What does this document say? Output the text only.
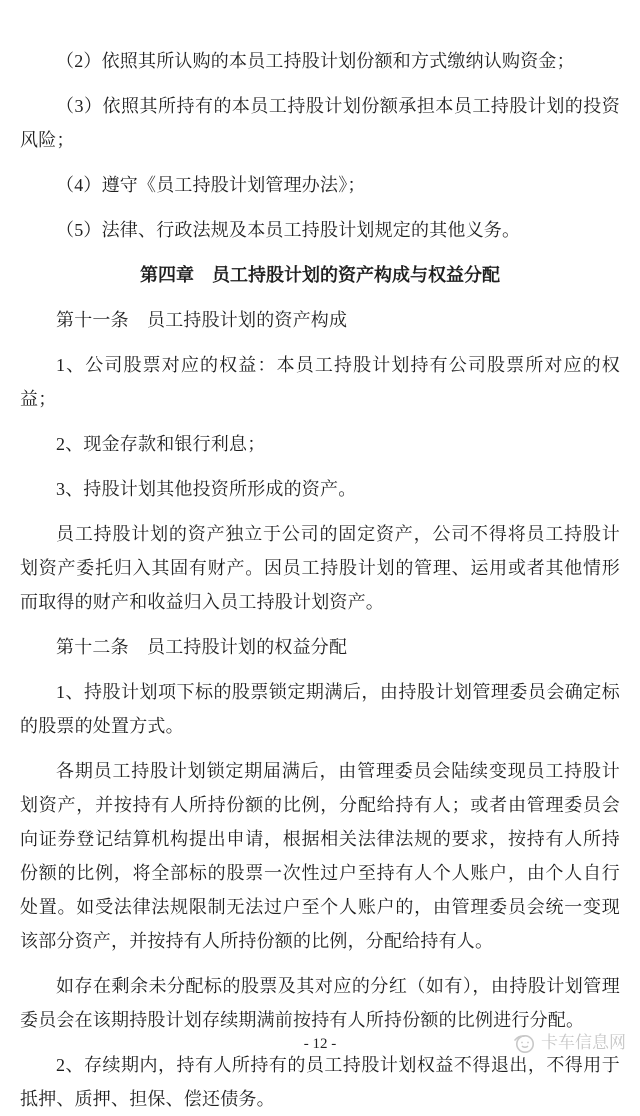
（2）依照其所认购的本员工持股计划份额和方式缴纳认购资金；

（3）依照其所持有的本员工持股计划份额承担本员工持股计划的投资风险；

（4）遵守《员工持股计划管理办法》；

（5）法律、行政法规及本员工持股计划规定的其他义务。

第四章　员工持股计划的资产构成与权益分配

第十一条　员工持股计划的资产构成

1、公司股票对应的权益：本员工持股计划持有公司股票所对应的权益；

2、现金存款和银行利息；

3、持股计划其他投资所形成的资产。

员工持股计划的资产独立于公司的固定资产，公司不得将员工持股计划资产委托归入其固有财产。因员工持股计划的管理、运用或者其他情形而取得的财产和收益归入员工持股计划资产。

第十二条　员工持股计划的权益分配

1、持股计划项下标的股票锁定期满后，由持股计划管理委员会确定标的股票的处置方式。

各期员工持股计划锁定期届满后，由管理委员会陆续变现员工持股计划资产，并按持有人所持份额的比例，分配给持有人；或者由管理委员会向证券登记结算机构提出申请，根据相关法律法规的要求，按持有人所持份额的比例，将全部标的股票一次性过户至持有人个人账户，由个人自行处置。如受法律法规限制无法过户至个人账户的，由管理委员会统一变现该部分资产，并按持有人所持份额的比例，分配给持有人。

如存在剩余未分配标的股票及其对应的分红（如有），由持股计划管理委员会在该期持股计划存续期满前按持有人所持份额的比例进行分配。

2、存续期内，持有人所持有的员工持股计划权益不得退出，不得用于抵押、质押、担保、偿还债务。

- 12 -	卡车信息网
